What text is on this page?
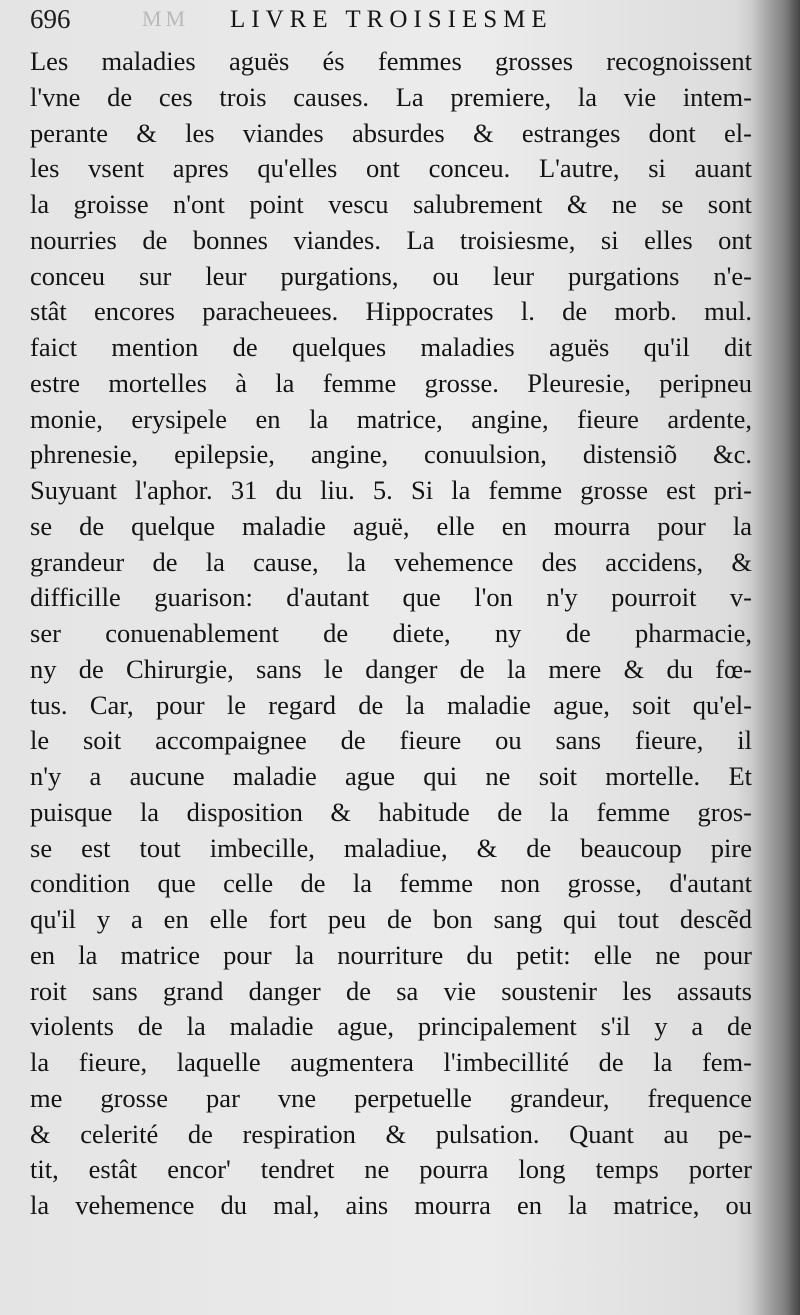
696	MM LIVRE TROISIESME
Les maladies aguës és femmes grosses recognoissent
l'vne de ces trois causes. La premiere, la vie intem-
perante & les viandes absurdes & estranges dont el-
les vsent apres qu'elles ont conceu. L'autre, si auant
la groisse n'ont point vescu salubrement & ne se sont
nourries de bonnes viandes. La troisiesme, si elles ont
conceu sur leur purgations, ou leur purgations n'e-
stât encores paracheuees. Hippocrates l. de morb. mul.
faict mention de quelques maladies aguës qu'il dit
estre mortelles à la femme grosse. Pleuresie, peripneu
monie, erysipele en la matrice, angine, fieure ardente,
phrenesie, epilepsie, angine, conuulsion, distensiõ &c.
Suyuant l'aphor. 31 du liu. 5. Si la femme grosse est pri-
se de quelque maladie aguë, elle en mourra pour la
grandeur de la cause, la vehemence des accidens, &
difficille guarison: d'autant que l'on n'y pourroit v-
ser conuenablement de diete, ny de pharmacie,
ny de Chirurgie, sans le danger de la mere & du fœ-
tus. Car, pour le regard de la maladie ague, soit qu'el-
le soit accompaignee de fieure ou sans fieure, il
n'y a aucune maladie ague qui ne soit mortelle. Et
puisque la disposition & habitude de la femme gros-
se est tout imbecille, maladiue, & de beaucoup pire
condition que celle de la femme non grosse, d'autant
qu'il y a en elle fort peu de bon sang qui tout descẽd
en la matrice pour la nourriture du petit: elle ne pour
roit sans grand danger de sa vie soustenir les assauts
violents de la maladie ague, principalement s'il y a de
la fieure, laquelle augmentera l'imbecillité de la fem-
me grosse par vne perpetuelle grandeur, frequence
& celerité de respiration & pulsation. Quant au pe-
tit, estât encor' tendret ne pourra long temps porter
la vehemence du mal, ains mourra en la matrice, ou
